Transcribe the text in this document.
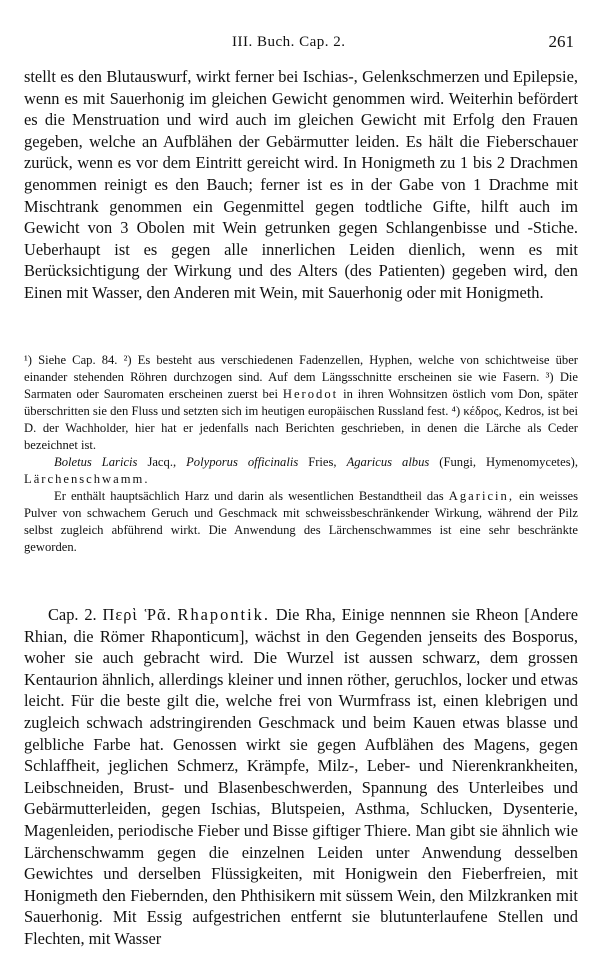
III. Buch. Cap. 2.	261

stellt es den Blutauswurf, wirkt ferner bei Ischias-, Gelenkschmerzen und Epilepsie, wenn es mit Sauerhonig im gleichen Gewicht genommen wird. Weiterhin befördert es die Menstruation und wird auch im gleichen Gewicht mit Erfolg den Frauen gegeben, welche an Aufblähen der Gebärmutter leiden. Es hält die Fieberschauer zurück, wenn es vor dem Eintritt gereicht wird. In Honigmeth zu 1 bis 2 Drachmen genommen reinigt es den Bauch; ferner ist es in der Gabe von 1 Drachme mit Mischtrank genommen ein Gegenmittel gegen todtliche Gifte, hilft auch im Gewicht von 3 Obolen mit Wein getrunken gegen Schlangenbisse und -Stiche. Ueberhaupt ist es gegen alle innerlichen Leiden dienlich, wenn es mit Berücksichtigung der Wirkung und des Alters (des Patienten) gegeben wird, den Einen mit Wasser, den Anderen mit Wein, mit Sauerhonig oder mit Honigmeth.

¹) Siehe Cap. 84. ²) Es besteht aus verschiedenen Fadenzellen, Hyphen, welche von schichtweise über einander stehenden Röhren durchzogen sind. Auf dem Längsschnitte erscheinen sie wie Fasern. ³) Die Sarmaten oder Sauromaten erscheinen zuerst bei Herodot in ihren Wohnsitzen östlich vom Don, später überschritten sie den Fluss und setzten sich im heutigen europäischen Russland fest. ⁴) κέδρος, Kedros, ist bei D. der Wachholder, hier hat er jedenfalls nach Berichten geschrieben, in denen die Lärche als Ceder bezeichnet ist.

Boletus Laricis Jacq., Polyporus officinalis Fries, Agaricus albus (Fungi, Hymenomycetes), Lärchenschwamm.

Er enthält hauptsächlich Harz und darin als wesentlichen Bestandtheil das Agaricin, ein weisses Pulver von schwachem Geruch und Geschmack mit schweissbeschränkender Wirkung, während der Pilz selbst zugleich abführend wirkt. Die Anwendung des Lärchenschwammes ist eine sehr beschränkte geworden.

Cap. 2. Περὶ Ῥᾶ. Rhapontik. Die Rha, Einige nennnen sie Rheon [Andere Rhian, die Römer Rhaponticum], wächst in den Gegenden jenseits des Bosporus, woher sie auch gebracht wird. Die Wurzel ist aussen schwarz, dem grossen Kentaurion ähnlich, allerdings kleiner und innen röther, geruchlos, locker und etwas leicht. Für die beste gilt die, welche frei von Wurmfrass ist, einen klebrigen und zugleich schwach adstringirenden Geschmack und beim Kauen etwas blasse und gelbliche Farbe hat. Genossen wirkt sie gegen Aufblähen des Magens, gegen Schlaffheit, jeglichen Schmerz, Krämpfe, Milz-, Leber- und Nierenkrankheiten, Leibschneiden, Brust- und Blasenbeschwerden, Spannung des Unterleibes und Gebärmutterleiden, gegen Ischias, Blutspeien, Asthma, Schlucken, Dysenterie, Magenleiden, periodische Fieber und Bisse giftiger Thiere. Man gibt sie ähnlich wie Lärchenschwamm gegen die einzelnen Leiden unter Anwendung desselben Gewichtes und derselben Flüssigkeiten, mit Honigwein den Fieberfreien, mit Honigmeth den Fiebernden, den Phthisikern mit süssem Wein, den Milzkranken mit Sauerhonig. Mit Essig aufgestrichen entfernt sie blutunterlaufene Stellen und Flechten, mit Wasser
